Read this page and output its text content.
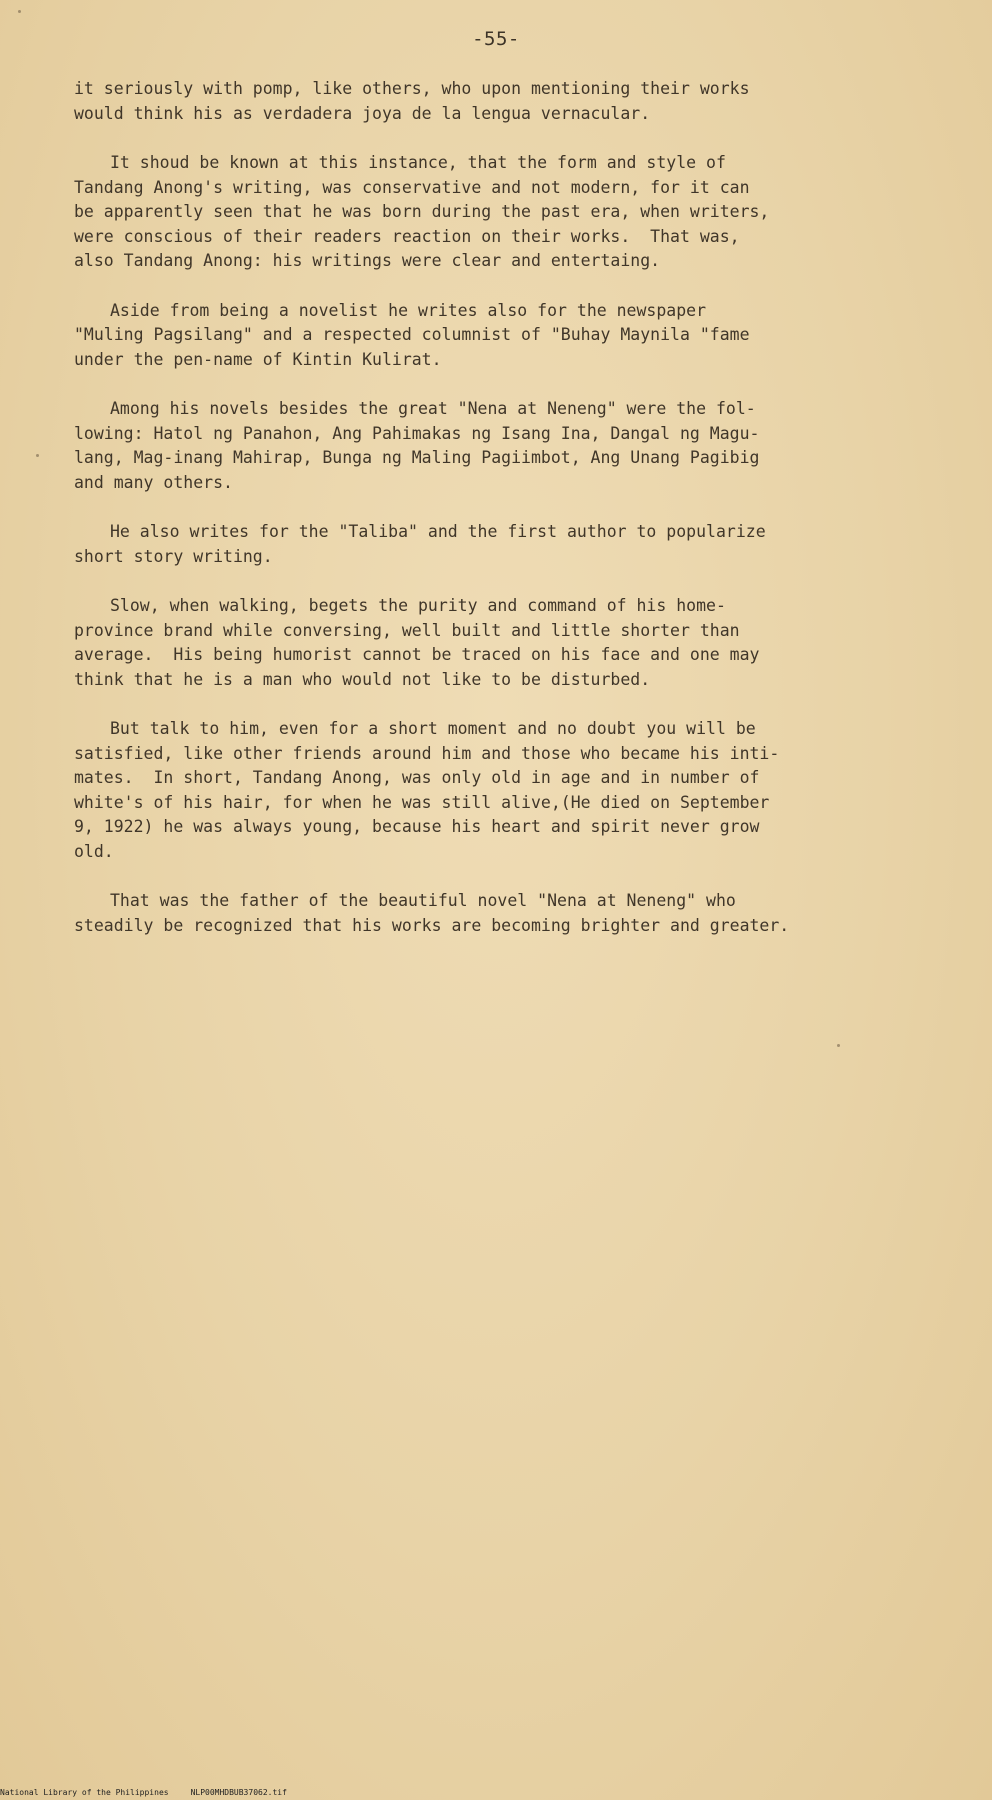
-55-
it seriously with pomp, like others, who upon mentioning their works
would think his as verdadera joya de la lengua vernacular.
It shoud be known at this instance, that the form and style of
Tandang Anong's writing, was conservative and not modern, for it can
be apparently seen that he was born during the past era, when writers,
were conscious of their readers reaction on their works.  That was,
also Tandang Anong: his writings were clear and entertaing.
Aside from being a novelist he writes also for the newspaper
"Muling Pagsilang" and a respected columnist of "Buhay Maynila "fame
under the pen-name of Kintin Kulirat.
Among his novels besides the great "Nena at Neneng" were the fol-
lowing: Hatol ng Panahon, Ang Pahimakas ng Isang Ina, Dangal ng Magu-
lang, Mag-inang Mahirap, Bunga ng Maling Pagiimbot, Ang Unang Pagibig
and many others.
He also writes for the "Taliba" and the first author to popularize
short story writing.
Slow, when walking, begets the purity and command of his home-
province brand while conversing, well built and little shorter than
average.  His being humorist cannot be traced on his face and one may
think that he is a man who would not like to be disturbed.
But talk to him, even for a short moment and no doubt you will be
satisfied, like other friends around him and those who became his inti-
mates.  In short, Tandang Anong, was only old in age and in number of
white's of his hair, for when he was still alive,(He died on September
9, 1922) he was always young, because his heart and spirit never grow
old.
That was the father of the beautiful novel "Nena at Neneng" who
steadily be recognized that his works are becoming brighter and greater.
National Library of the Philippines	NLP00MHDBUB37062.tif
